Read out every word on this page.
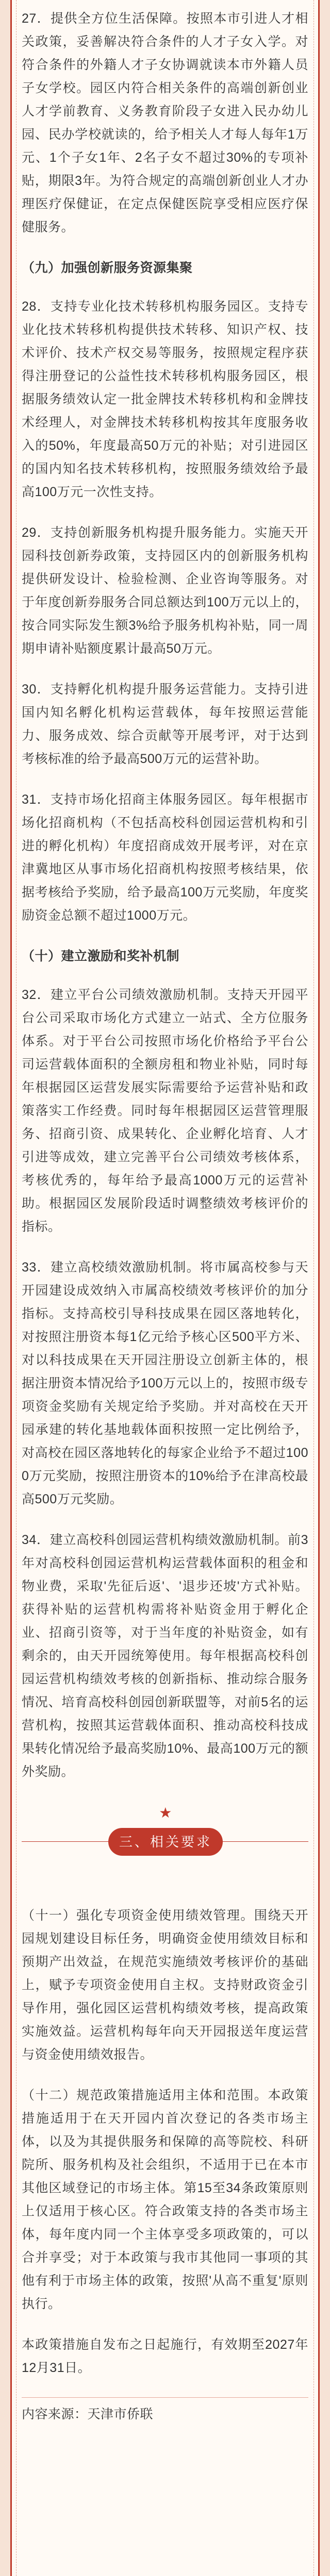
27．提供全方位生活保障。按照本市引进人才相关政策，妥善解决符合条件的人才子女入学。对符合条件的外籍人才子女协调就读本市外籍人员子女学校。园区内符合相关条件的高端创新创业人才学前教育、义务教育阶段子女进入民办幼儿园、民办学校就读的，给予相关人才每人每年1万元、1个子女1年、2名子女不超过30%的专项补贴，期限3年。为符合规定的高端创新创业人才办理医疗保健证，在定点保健医院享受相应医疗保健服务。

（九）加强创新服务资源集聚

28．支持专业化技术转移机构服务园区。支持专业化技术转移机构提供技术转移、知识产权、技术评价、技术产权交易等服务，按照规定程序获得注册登记的公益性技术转移机构服务园区，根据服务绩效认定一批金牌技术转移机构和金牌技术经理人，对金牌技术转移机构按其年度服务收入的50%，年度最高50万元的补贴；对引进园区的国内知名技术转移机构，按照服务绩效给予最高100万元一次性支持。

29．支持创新服务机构提升服务能力。实施天开园科技创新券政策，支持园区内的创新服务机构提供研发设计、检验检测、企业咨询等服务。对于年度创新券服务合同总额达到100万元以上的，按合同实际发生额3%给予服务机构补贴，同一周期申请补贴额度累计最高50万元。

30．支持孵化机构提升服务运营能力。支持引进国内知名孵化机构运营载体，每年按照运营能力、服务成效、综合贡献等开展考评，对于达到考核标准的给予最高500万元的运营补助。

31．支持市场化招商主体服务园区。每年根据市场化招商机构（不包括高校科创园运营机构和引进的孵化机构）年度招商成效开展考评，对在京津冀地区从事市场化招商机构按照考核结果，依据考核给予奖励，给予最高100万元奖励，年度奖励资金总额不超过1000万元。

（十）建立激励和奖补机制

32．建立平台公司绩效激励机制。支持天开园平台公司采取市场化方式建立一站式、全方位服务体系。对于平台公司按照市场化价格给予平台公司运营载体面积的全额房租和物业补贴，同时每年根据园区运营发展实际需要给予运营补贴和政策落实工作经费。同时每年根据园区运营管理服务、招商引资、成果转化、企业孵化培育、人才引进等成效，建立完善平台公司绩效考核体系，考核优秀的，每年给予最高1000万元的运营补助。根据园区发展阶段适时调整绩效考核评价的指标。

33．建立高校绩效激励机制。将市属高校参与天开园建设成效纳入市属高校绩效考核评价的加分指标。支持高校引导科技成果在园区落地转化，对按照注册资本每1亿元给予核心区500平方米、对以科技成果在天开园注册设立创新主体的，根据注册资本情况给予100万元以上的，按照市级专项资金奖励有关规定给予奖励。并对高校在天开园承建的转化基地载体面积按照一定比例给予，对高校在园区落地转化的每家企业给予不超过1000万元奖励，按照注册资本的10%给予在津高校最高500万元奖励。

34．建立高校科创园运营机构绩效激励机制。前3年对高校科创园运营机构运营载体面积的租金和物业费，采取'先征后返'、'退步还坡'方式补贴。获得补贴的运营机构需将补贴资金用于孵化企业、招商引资等，对于当年度的补贴资金，如有剩余的，由天开园统筹使用。每年根据高校科创园运营机构绩效考核的创新指标、推动综合服务情况、培育高校科创园创新联盟等，对前5名的运营机构，按照其运营载体面积、推动高校科技成果转化情况给予最高奖励10%、最高100万元的额外奖励。

★
三、相关要求

（十一）强化专项资金使用绩效管理。围绕天开园规划建设目标任务，明确资金使用绩效目标和预期产出效益，在规范实施绩效考核评价的基础上，赋予专项资金使用自主权。支持财政资金引导作用，强化园区运营机构绩效考核，提高政策实施效益。运营机构每年向天开园报送年度运营与资金使用绩效报告。

（十二）规范政策措施适用主体和范围。本政策措施适用于在天开园内首次登记的各类市场主体，以及为其提供服务和保障的高等院校、科研院所、服务机构及社会组织，不适用于已在本市其他区域登记的市场主体。第15至34条政策原则上仅适用于核心区。符合政策支持的各类市场主体，每年度内同一个主体享受多项政策的，可以合并享受；对于本政策与我市其他同一事项的其他有利于市场主体的政策，按照'从高不重复'原则执行。

本政策措施自发布之日起施行，有效期至2027年12月31日。

内容来源：天津市侨联
